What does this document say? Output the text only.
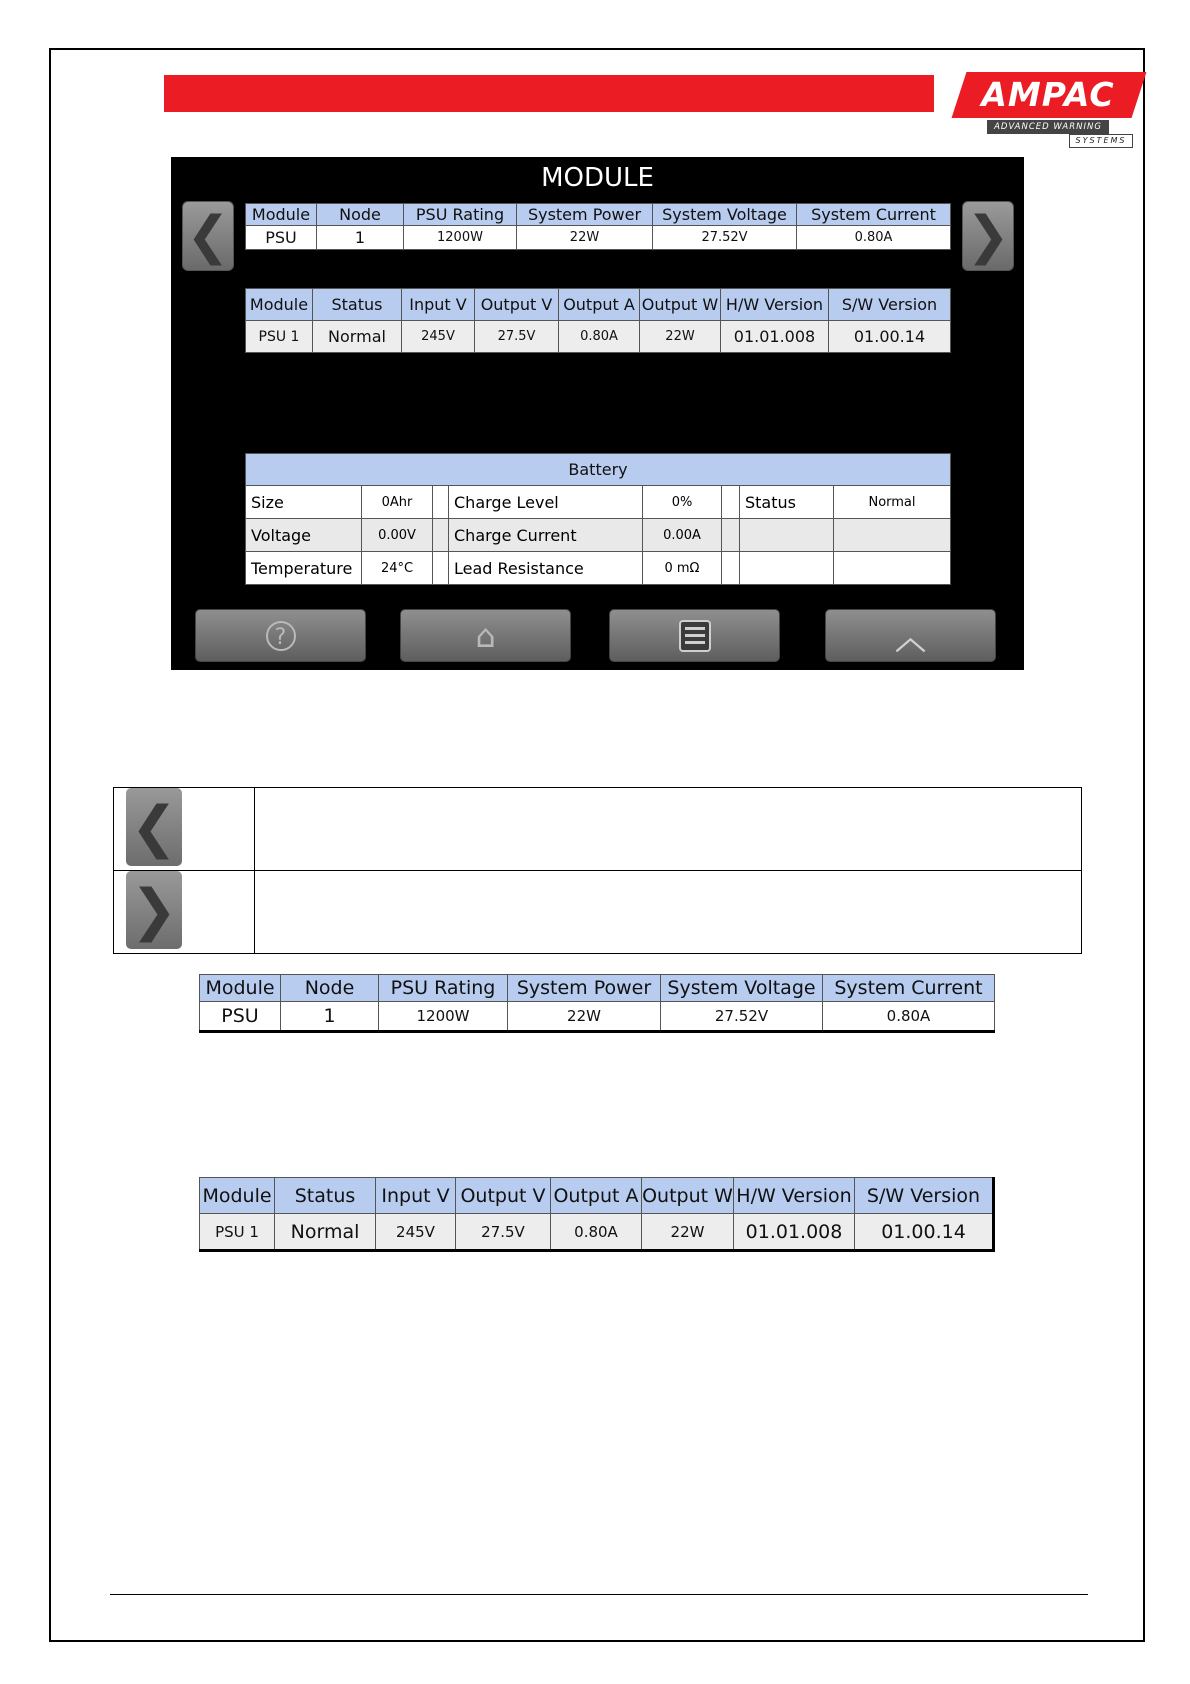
AMPAC
ADVANCED WARNING
SYSTEMS
MODULE
❮	❯
Module	Node	PSU Rating	System Power	System Voltage	System Current
PSU	1	1200W	22W	27.52V	0.80A
Module	Status	Input V	Output V	Output A	Output W	H/W Version	S/W Version
PSU 1	Normal	245V	27.5V	0.80A	22W	01.01.008	01.00.14
Battery							
Size	0Ahr		Charge Level	0%		Status	Normal
Voltage	0.00V		Charge Current	0.00A			
Temperature	24°C		Lead Resistance	0 mΩ			
?	⌂	︿
❮	

❯	

Module	Node	PSU Rating	System Power	System Voltage	System Current
PSU	1	1200W	22W	27.52V	0.80A
Module	Status	Input V	Output V	Output A	Output W	H/W Version	S/W Version
PSU 1	Normal	245V	27.5V	0.80A	22W	01.01.008	01.00.14
